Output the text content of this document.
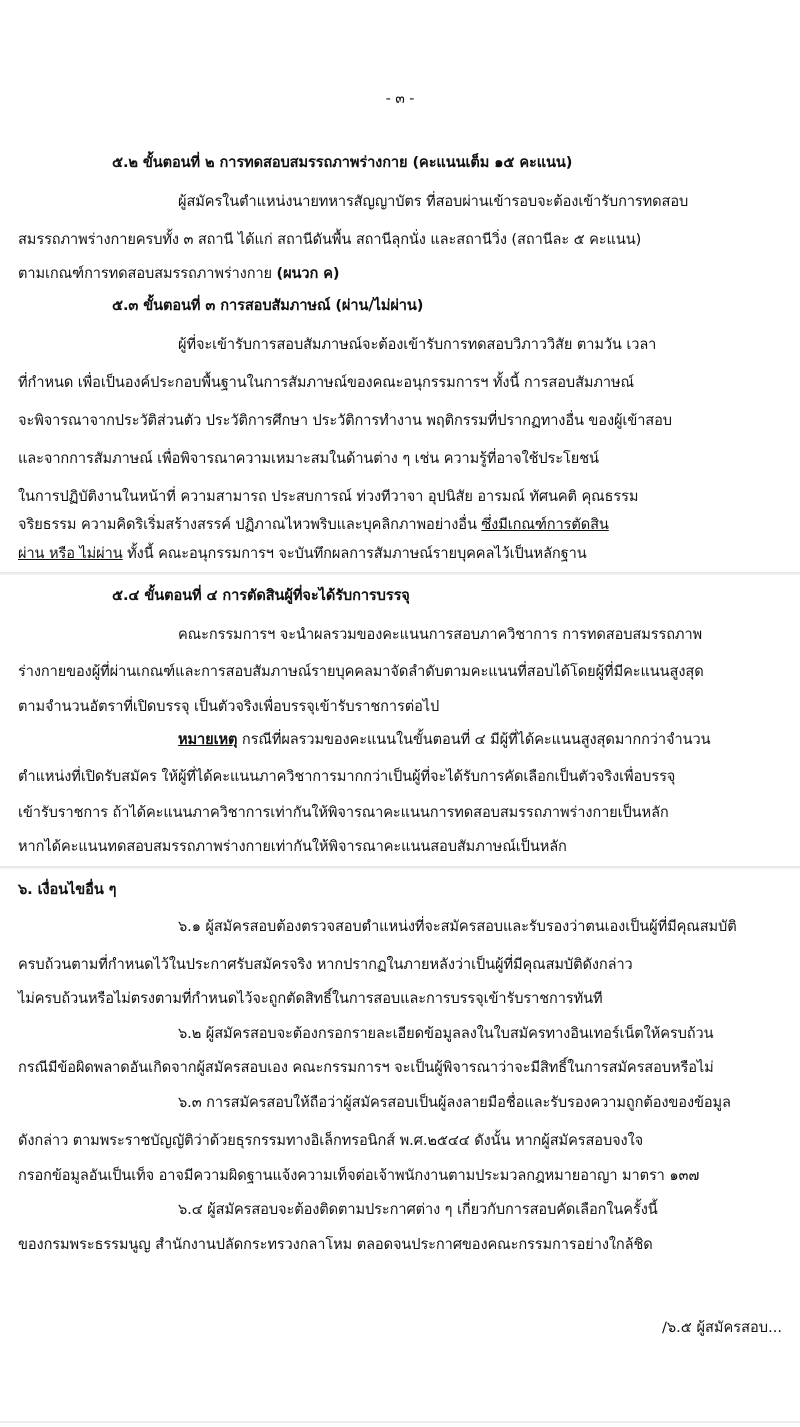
- ๓ -
๕.๒ ขั้นตอนที่ ๒ การทดสอบสมรรถภาพร่างกาย (คะแนนเต็ม ๑๕ คะแนน)
ผู้สมัครในตำแหน่งนายทหารสัญญาบัตร ที่สอบผ่านเข้ารอบจะต้องเข้ารับการทดสอบ
สมรรถภาพร่างกายครบทั้ง ๓ สถานี ได้แก่ สถานีดันพื้น สถานีลุกนั่ง และสถานีวิ่ง (สถานีละ ๕ คะแนน)
ตามเกณฑ์การทดสอบสมรรถภาพร่างกาย (ผนวก ค)
๕.๓ ขั้นตอนที่ ๓ การสอบสัมภาษณ์ (ผ่าน/ไม่ผ่าน)
ผู้ที่จะเข้ารับการสอบสัมภาษณ์จะต้องเข้ารับการทดสอบวิภาววิสัย ตามวัน เวลา
ที่กำหนด เพื่อเป็นองค์ประกอบพื้นฐานในการสัมภาษณ์ของคณะอนุกรรมการฯ ทั้งนี้ การสอบสัมภาษณ์
จะพิจารณาจากประวัติส่วนตัว ประวัติการศึกษา ประวัติการทำงาน พฤติกรรมที่ปรากฏทางอื่น ของผู้เข้าสอบ
และจากการสัมภาษณ์ เพื่อพิจารณาความเหมาะสมในด้านต่าง ๆ เช่น ความรู้ที่อาจใช้ประโยชน์
ในการปฏิบัติงานในหน้าที่ ความสามารถ ประสบการณ์ ท่วงทีวาจา อุปนิสัย อารมณ์ ทัศนคติ คุณธรรม
จริยธรรม ความคิดริเริ่มสร้างสรรค์ ปฏิภาณไหวพริบและบุคลิกภาพอย่างอื่น ซึ่งมีเกณฑ์การตัดสิน
ผ่าน หรือ ไม่ผ่าน ทั้งนี้ คณะอนุกรรมการฯ จะบันทึกผลการสัมภาษณ์รายบุคคลไว้เป็นหลักฐาน
๕.๔ ขั้นตอนที่ ๔ การตัดสินผู้ที่จะได้รับการบรรจุ
คณะกรรมการฯ จะนำผลรวมของคะแนนการสอบภาควิชาการ การทดสอบสมรรถภาพ
ร่างกายของผู้ที่ผ่านเกณฑ์และการสอบสัมภาษณ์รายบุคคลมาจัดลำดับตามคะแนนที่สอบได้โดยผู้ที่มีคะแนนสูงสุด
ตามจำนวนอัตราที่เปิดบรรจุ เป็นตัวจริงเพื่อบรรจุเข้ารับราชการต่อไป
หมายเหตุ กรณีที่ผลรวมของคะแนนในขั้นตอนที่ ๔ มีผู้ที่ได้คะแนนสูงสุดมากกว่าจำนวน
ตำแหน่งที่เปิดรับสมัคร ให้ผู้ที่ได้คะแนนภาควิชาการมากกว่าเป็นผู้ที่จะได้รับการคัดเลือกเป็นตัวจริงเพื่อบรรจุ
เข้ารับราชการ ถ้าได้คะแนนภาควิชาการเท่ากันให้พิจารณาคะแนนการทดสอบสมรรถภาพร่างกายเป็นหลัก
หากได้คะแนนทดสอบสมรรถภาพร่างกายเท่ากันให้พิจารณาคะแนนสอบสัมภาษณ์เป็นหลัก
๖. เงื่อนไขอื่น ๆ
๖.๑ ผู้สมัครสอบต้องตรวจสอบตำแหน่งที่จะสมัครสอบและรับรองว่าตนเองเป็นผู้ที่มีคุณสมบัติ
ครบถ้วนตามที่กำหนดไว้ในประกาศรับสมัครจริง หากปรากฏในภายหลังว่าเป็นผู้ที่มีคุณสมบัติดังกล่าว
ไม่ครบถ้วนหรือไม่ตรงตามที่กำหนดไว้จะถูกตัดสิทธิ์ในการสอบและการบรรจุเข้ารับราชการทันที
๖.๒ ผู้สมัครสอบจะต้องกรอกรายละเอียดข้อมูลลงในใบสมัครทางอินเทอร์เน็ตให้ครบถ้วน
กรณีมีข้อผิดพลาดอันเกิดจากผู้สมัครสอบเอง คณะกรรมการฯ จะเป็นผู้พิจารณาว่าจะมีสิทธิ์ในการสมัครสอบหรือไม่
๖.๓ การสมัครสอบให้ถือว่าผู้สมัครสอบเป็นผู้ลงลายมือชื่อและรับรองความถูกต้องของข้อมูล
ดังกล่าว ตามพระราชบัญญัติว่าด้วยธุรกรรมทางอิเล็กทรอนิกส์ พ.ศ.๒๕๔๔ ดังนั้น หากผู้สมัครสอบจงใจ
กรอกข้อมูลอันเป็นเท็จ อาจมีความผิดฐานแจ้งความเท็จต่อเจ้าพนักงานตามประมวลกฎหมายอาญา มาตรา ๑๓๗
๖.๔ ผู้สมัครสอบจะต้องติดตามประกาศต่าง ๆ เกี่ยวกับการสอบคัดเลือกในครั้งนี้
ของกรมพระธรรมนูญ สำนักงานปลัดกระทรวงกลาโหม ตลอดจนประกาศของคณะกรรมการอย่างใกล้ชิด
/๖.๕ ผู้สมัครสอบ...
